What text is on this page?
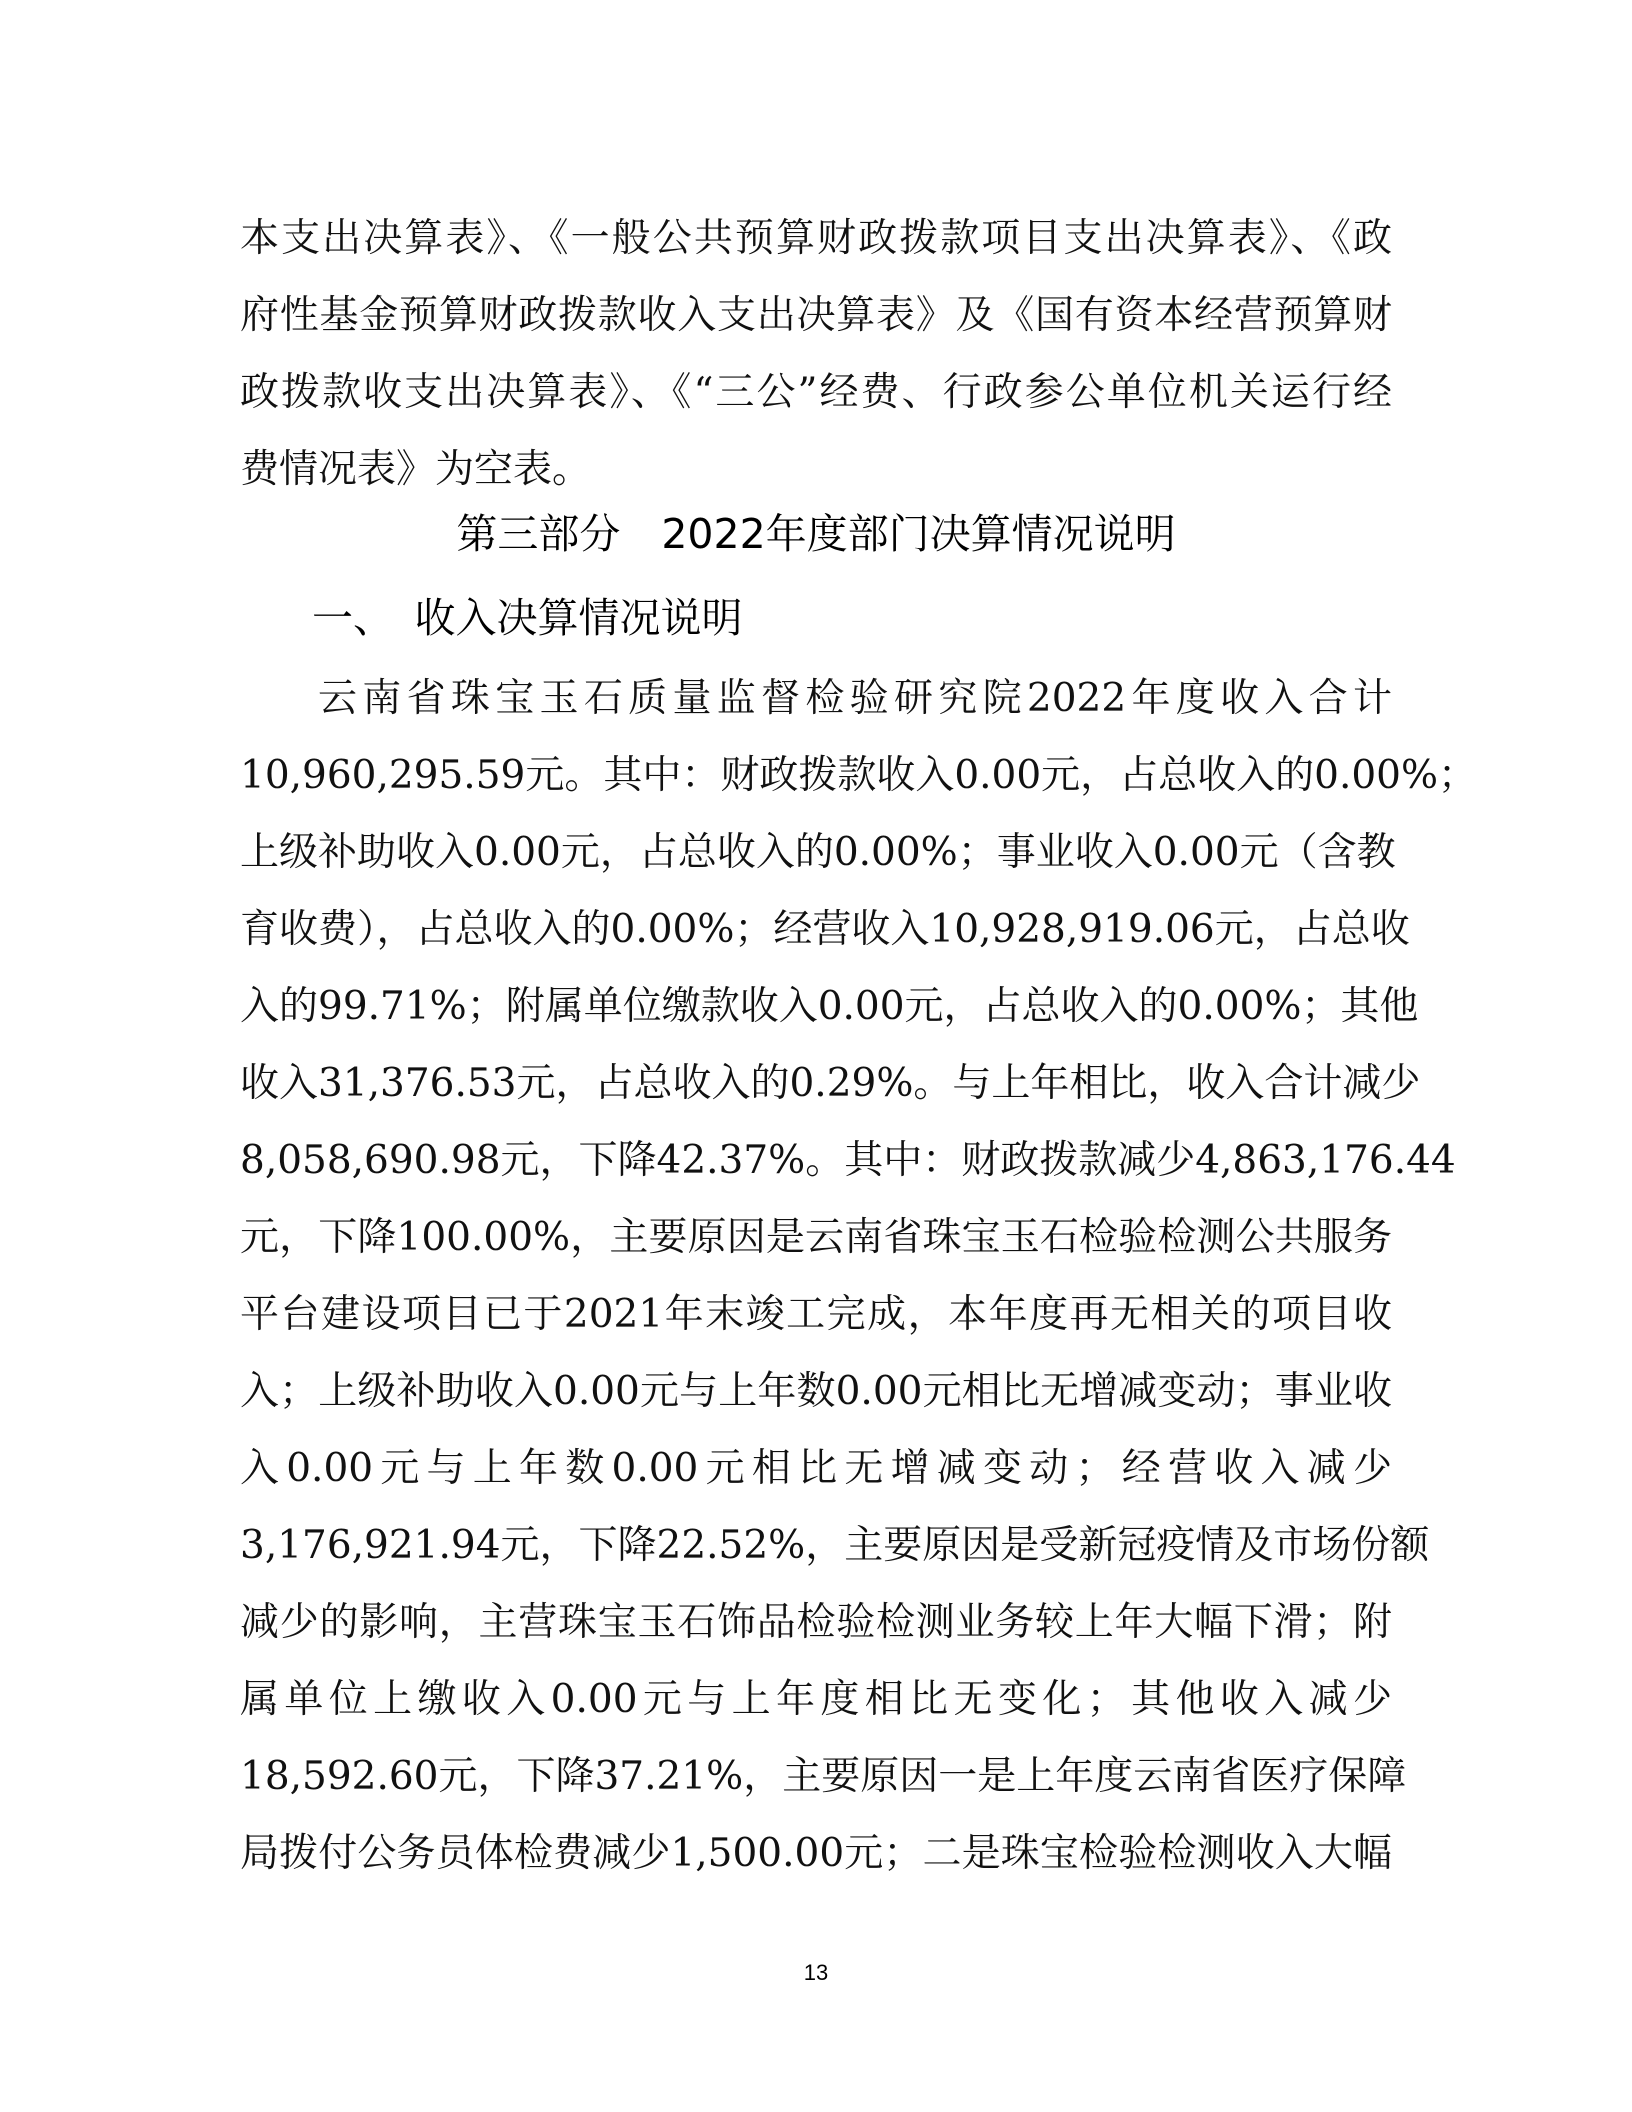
本支出决算表》、《一般公共预算财政拨款项目支出决算表》、《政
府性基金预算财政拨款收入支出决算表》及《国有资本经营预算财
政拨款收支出决算表》、《“三公”经费、行政参公单位机关运行经
费情况表》为空表。
第三部分　2022年度部门决算情况说明
一、　收入决算情况说明
云南省珠宝玉石质量监督检验研究院2022年度收入合计
10,960,295.59元。其中：财政拨款收入0.00元，占总收入的0.00%；
上级补助收入0.00元，占总收入的0.00%；事业收入0.00元（含教
育收费），占总收入的0.00%；经营收入10,928,919.06元，占总收
入的99.71%；附属单位缴款收入0.00元，占总收入的0.00%；其他
收入31,376.53元，占总收入的0.29%。与上年相比，收入合计减少
8,058,690.98元，下降42.37%。其中：财政拨款减少4,863,176.44
元，下降100.00%，主要原因是云南省珠宝玉石检验检测公共服务
平台建设项目已于2021年末竣工完成，本年度再无相关的项目收
入；上级补助收入0.00元与上年数0.00元相比无增减变动；事业收
入0.00元与上年数0.00元相比无增减变动；经营收入减少
3,176,921.94元，下降22.52%，主要原因是受新冠疫情及市场份额
减少的影响，主营珠宝玉石饰品检验检测业务较上年大幅下滑；附
属单位上缴收入0.00元与上年度相比无变化；其他收入减少
18,592.60元，下降37.21%，主要原因一是上年度云南省医疗保障
局拨付公务员体检费减少1,500.00元；二是珠宝检验检测收入大幅
13
